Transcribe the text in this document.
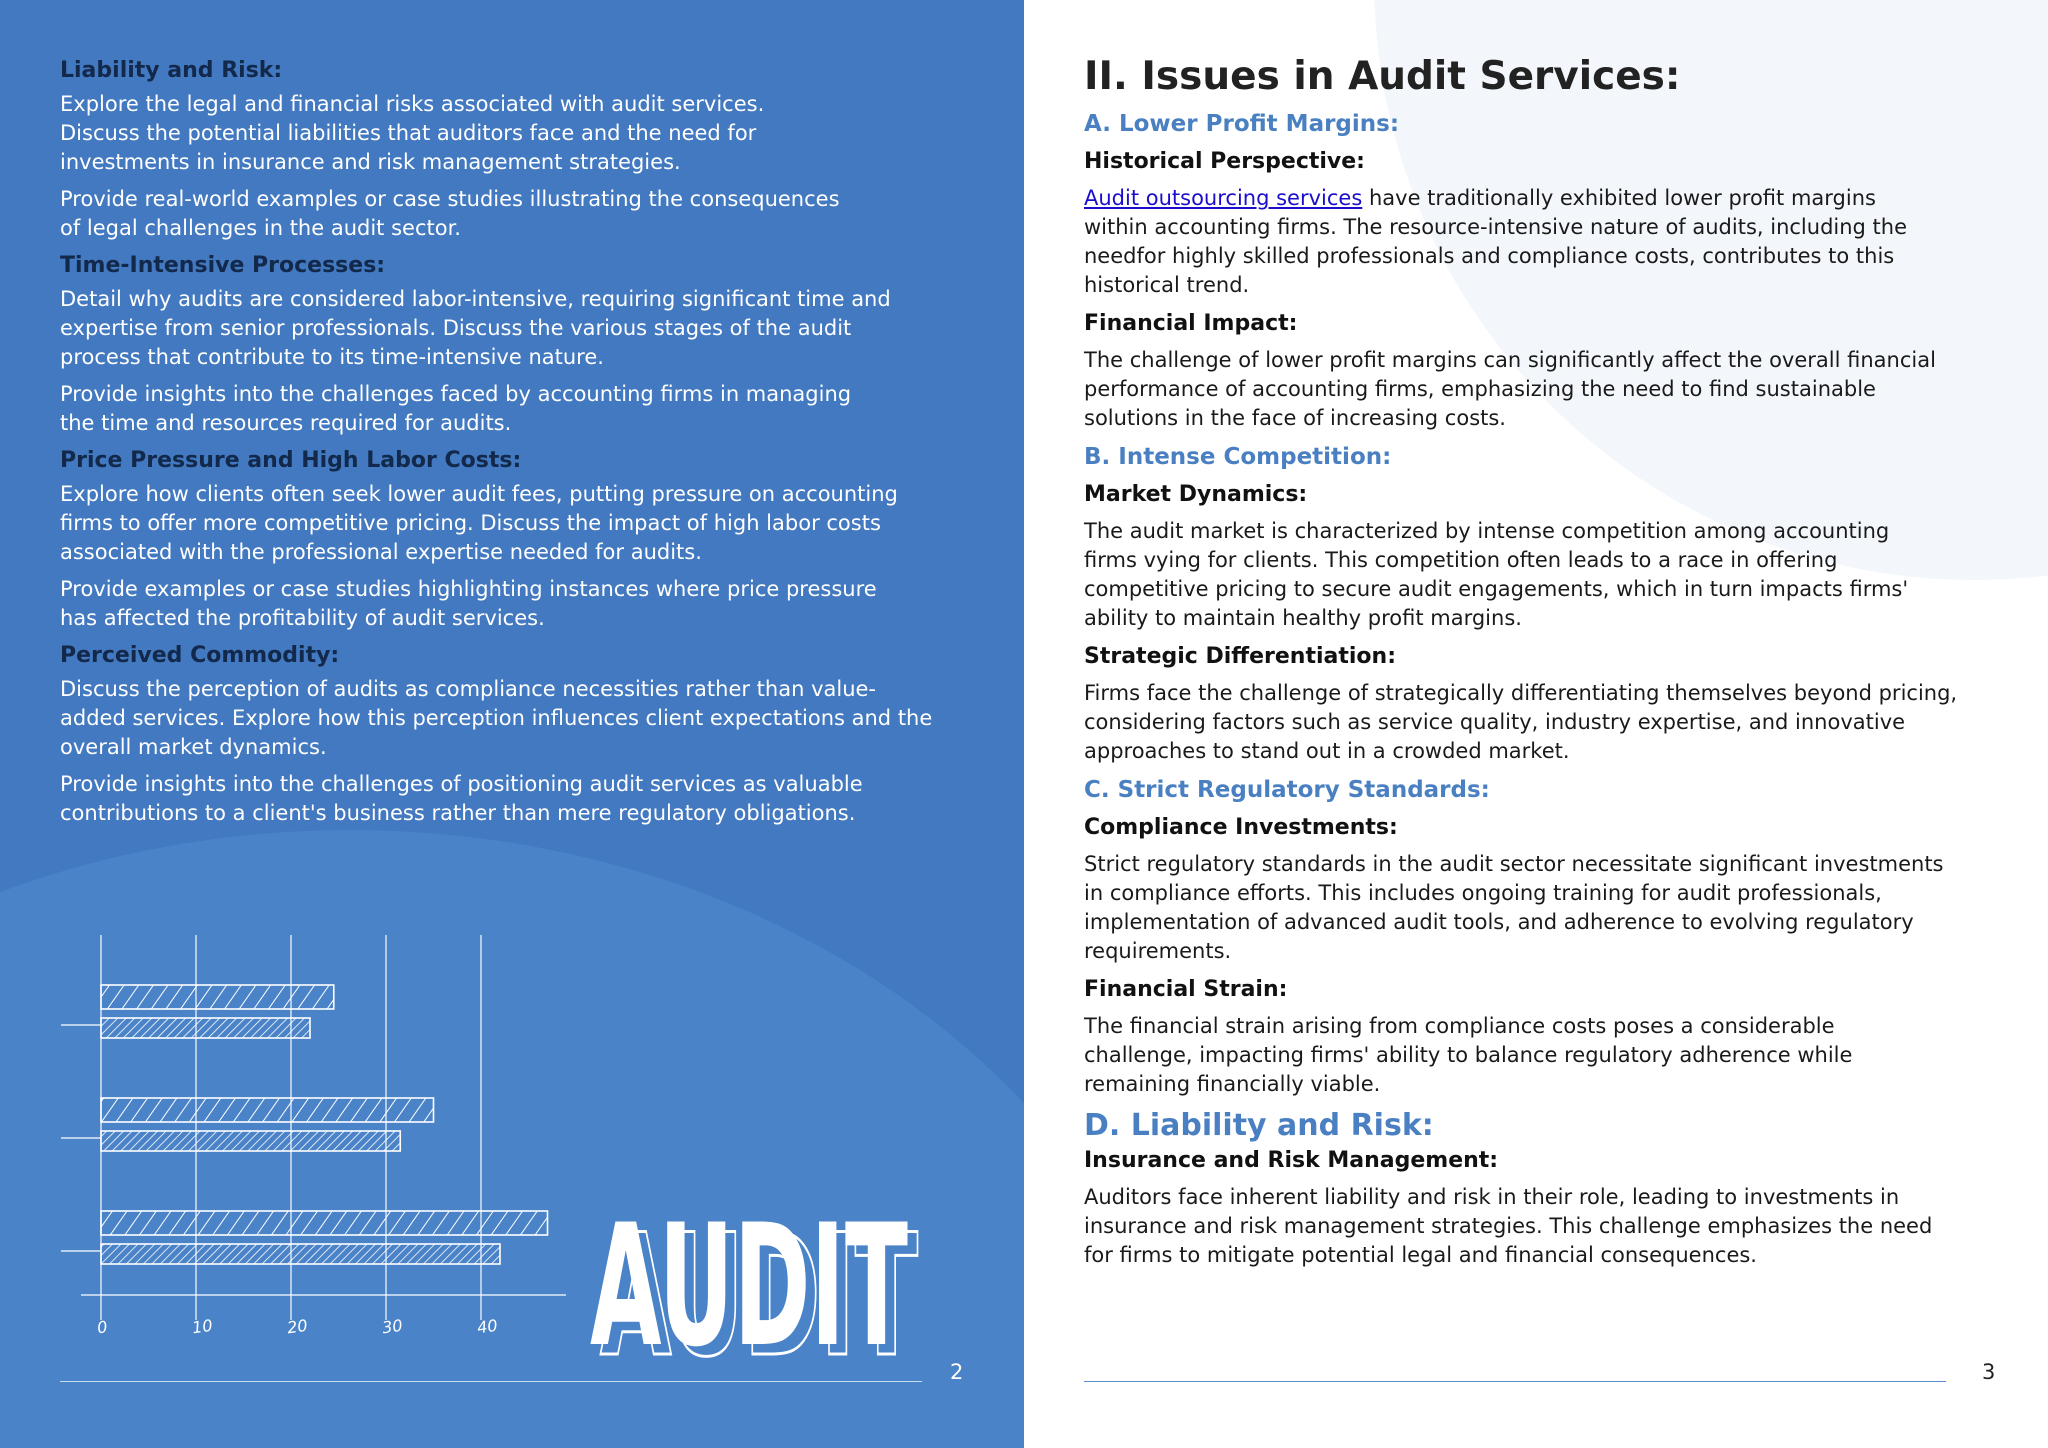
Liability and Risk:

Explore the legal and financial risks associated with audit services. Discuss the potential liabilities that auditors face and the need for investments in insurance and risk management strategies.

Provide real-world examples or case studies illustrating the consequences of legal challenges in the audit sector.

Time-Intensive Processes:

Detail why audits are considered labor-intensive, requiring significant time and expertise from senior professionals. Discuss the various stages of the audit process that contribute to its time-intensive nature.

Provide insights into the challenges faced by accounting firms in managing the time and resources required for audits.

Price Pressure and High Labor Costs:

Explore how clients often seek lower audit fees, putting pressure on accounting firms to offer more competitive pricing. Discuss the impact of high labor costs associated with the professional expertise needed for audits.

Provide examples or case studies highlighting instances where price pressure has affected the profitability of audit services.

Perceived Commodity:

Discuss the perception of audits as compliance necessities rather than value-added services. Explore how this perception influences client expectations and the overall market dynamics.

Provide insights into the challenges of positioning audit services as valuable contributions to a client's business rather than mere regulatory obligations.

0	10	20	30	40 AUDIT
AUDIT 2
II. Issues in Audit Services:
A. Lower Profit Margins:
Historical Perspective:

Audit outsourcing services have traditionally exhibited lower profit margins within accounting firms. The resource-intensive nature of audits, including the needfor highly skilled professionals and compliance costs, contributes to this historical trend.

Financial Impact:

The challenge of lower profit margins can significantly affect the overall financial performance of accounting firms, emphasizing the need to find sustainable solutions in the face of increasing costs.

B. Intense Competition:
Market Dynamics:

The audit market is characterized by intense competition among accounting firms vying for clients. This competition often leads to a race in offering competitive pricing to secure audit engagements, which in turn impacts firms' ability to maintain healthy profit margins.

Strategic Differentiation:

Firms face the challenge of strategically differentiating themselves beyond pricing, considering factors such as service quality, industry expertise, and innovative approaches to stand out in a crowded market.

C. Strict Regulatory Standards:
Compliance Investments:

Strict regulatory standards in the audit sector necessitate significant investments in compliance efforts. This includes ongoing training for audit professionals, implementation of advanced audit tools, and adherence to evolving regulatory requirements.

Financial Strain:

The financial strain arising from compliance costs poses a considerable challenge, impacting firms' ability to balance regulatory adherence while remaining financially viable.

D. Liability and Risk:
Insurance and Risk Management:

Auditors face inherent liability and risk in their role, leading to investments in insurance and risk management strategies. This challenge emphasizes the need for firms to mitigate potential legal and financial consequences.

3
